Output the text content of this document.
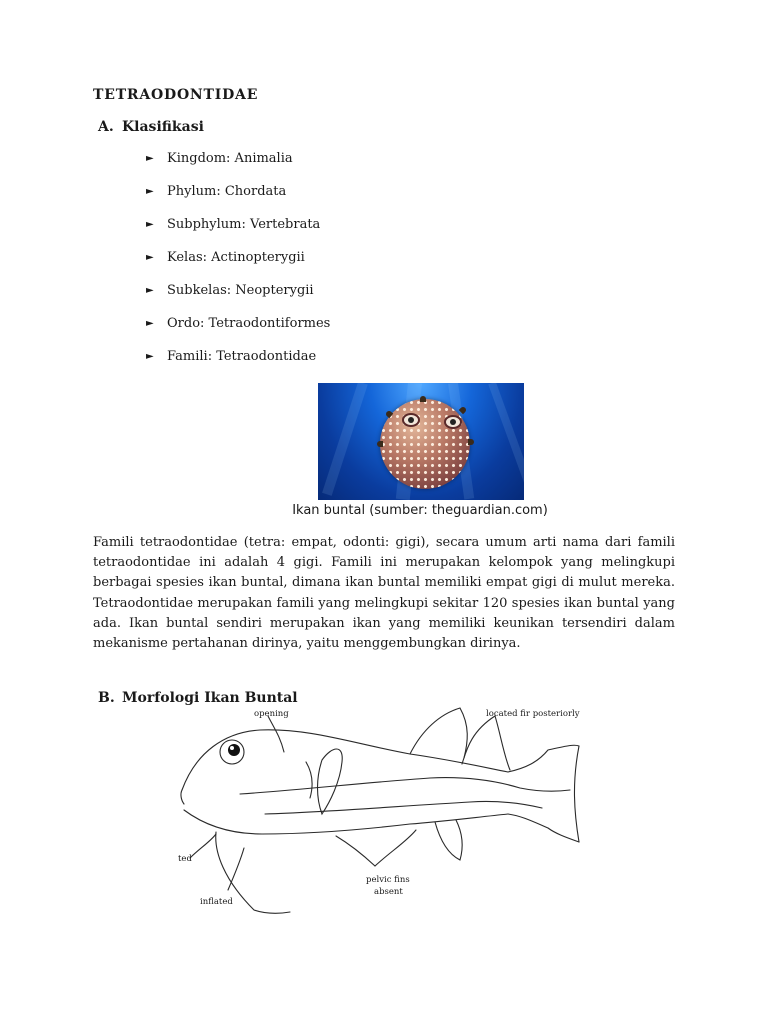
TETRAODONTIDAE
A. Klasifikasi
►	Kingdom: Animalia
►	Phylum: Chordata
►	Subphylum: Vertebrata
►	Kelas: Actinopterygii
►	Subkelas: Neopterygii
►	Ordo: Tetraodontiformes
►	Famili: Tetraodontidae
Ikan buntal (sumber: theguardian.com)

Famili tetraodontidae (tetra: empat, odonti: gigi), secara umum arti nama dari famili tetraodontidae ini adalah 4 gigi. Famili ini merupakan kelompok yang melingkupi berbagai spesies ikan buntal, dimana ikan buntal memiliki empat gigi di mulut mereka. Tetraodontidae merupakan famili yang melingkupi sekitar 120 spesies ikan buntal yang ada. Ikan buntal sendiri merupakan ikan yang memiliki keunikan tersendiri dalam mekanisme pertahanan dirinya, yaitu menggembungkan dirinya.

B. Morfologi Ikan Buntal
opening	located fir posteriorly
ted
inflated
pelvic fins
absent
